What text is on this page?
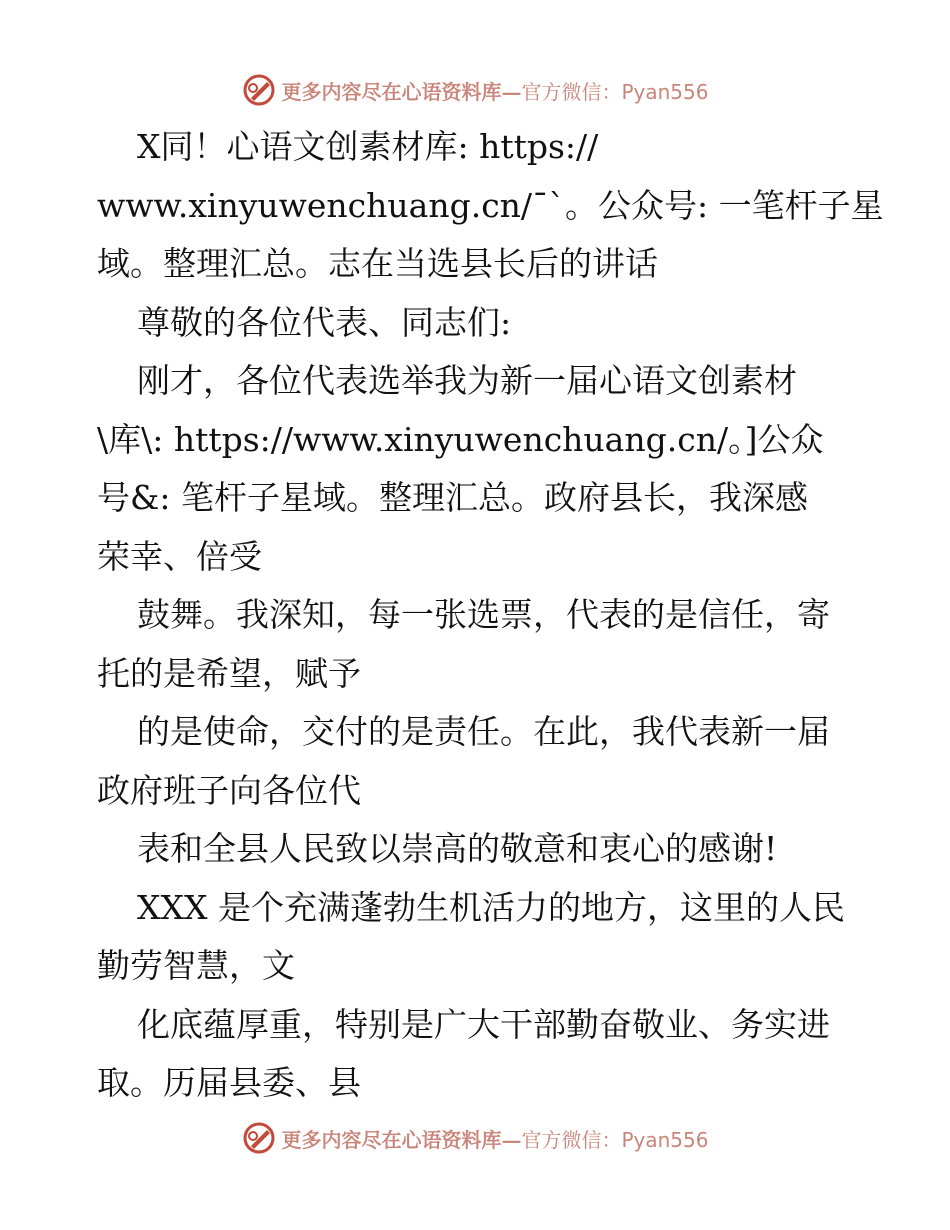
更多内容尽在心语资料库— 官方微信：Pyan556

X同！心语文创素材库: https://

www.xinyuwenchuang.cn/¯ˋ。公众号: 一笔杆子星

域。整理汇总。志在当选县长后的讲话

尊敬的各位代表、同志们:

刚才，各位代表选举我为新一届心语文创素材

\库\: https://www.xinyuwenchuang.cn/。]公众

号&: 笔杆子星域。整理汇总。政府县长，我深感

荣幸、倍受

鼓舞。我深知，每一张选票，代表的是信任，寄

托的是希望，赋予

的是使命，交付的是责任。在此，我代表新一届

政府班子向各位代

表和全县人民致以崇高的敬意和衷心的感谢!

XXX 是个充满蓬勃生机活力的地方，这里的人民

勤劳智慧，文

化底蕴厚重，特别是广大干部勤奋敬业、务实进

取。历届县委、县

更多内容尽在心语资料库— 官方微信：Pyan556
